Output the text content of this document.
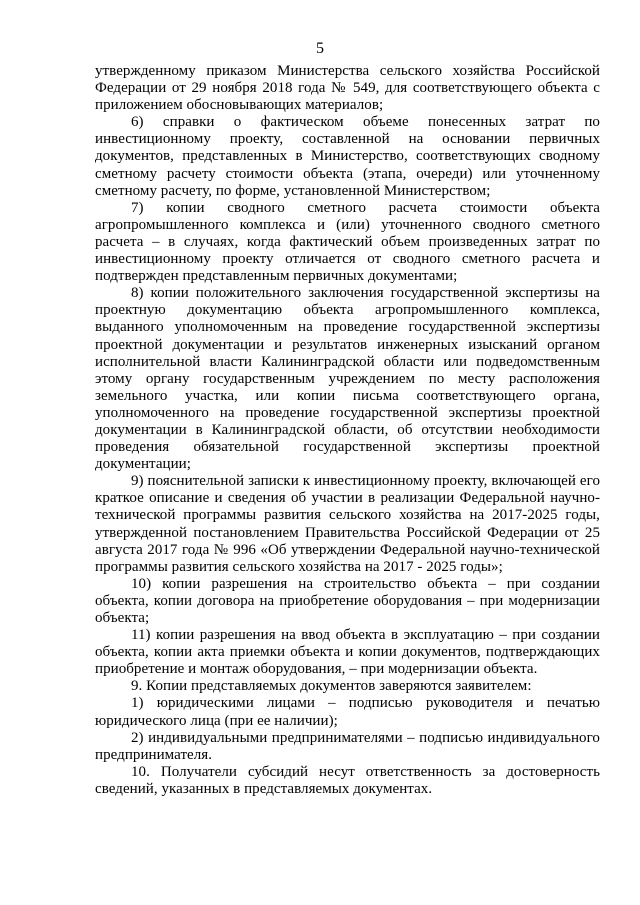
5

утвержденному приказом Министерства сельского хозяйства Российской Федерации от 29 ноября 2018 года № 549, для соответствующего объекта с приложением обосновывающих материалов;

6) справки о фактическом объеме понесенных затрат по инвестиционному проекту, составленной на основании первичных документов, представленных в Министерство, соответствующих сводному сметному расчету стоимости объекта (этапа, очереди) или уточненному сметному расчету, по форме, установленной Министерством;

7) копии сводного сметного расчета стоимости объекта агропромышленного комплекса и (или) уточненного сводного сметного расчета – в случаях, когда фактический объем произведенных затрат по инвестиционному проекту отличается от сводного сметного расчета и подтвержден представленным первичных документами;

8) копии положительного заключения государственной экспертизы на проектную документацию объекта агропромышленного комплекса, выданного уполномоченным на проведение государственной экспертизы проектной документации и результатов инженерных изысканий органом исполнительной власти Калининградской области или подведомственным этому органу государственным учреждением по месту расположения земельного участка, или копии письма соответствующего органа, уполномоченного на проведение государственной экспертизы проектной документации в Калининградской области, об отсутствии необходимости проведения обязательной государственной экспертизы проектной документации;

9) пояснительной записки к инвестиционному проекту, включающей его краткое описание и сведения об участии в реализации Федеральной научно-технической программы развития сельского хозяйства на 2017-2025 годы, утвержденной постановлением Правительства Российской Федерации от 25 августа 2017 года № 996 «Об утверждении Федеральной научно-технической программы развития сельского хозяйства на 2017 - 2025 годы»;

10) копии разрешения на строительство объекта – при создании объекта, копии договора на приобретение оборудования – при модернизации объекта;

11) копии разрешения на ввод объекта в эксплуатацию – при создании объекта, копии акта приемки объекта и копии документов, подтверждающих приобретение и монтаж оборудования, – при модернизации объекта.

9. Копии представляемых документов заверяются заявителем:

1) юридическими лицами – подписью руководителя и печатью юридического лица (при ее наличии);

2) индивидуальными предпринимателями – подписью индивидуального предпринимателя.

10. Получатели субсидий несут ответственность за достоверность сведений, указанных в представляемых документах.
